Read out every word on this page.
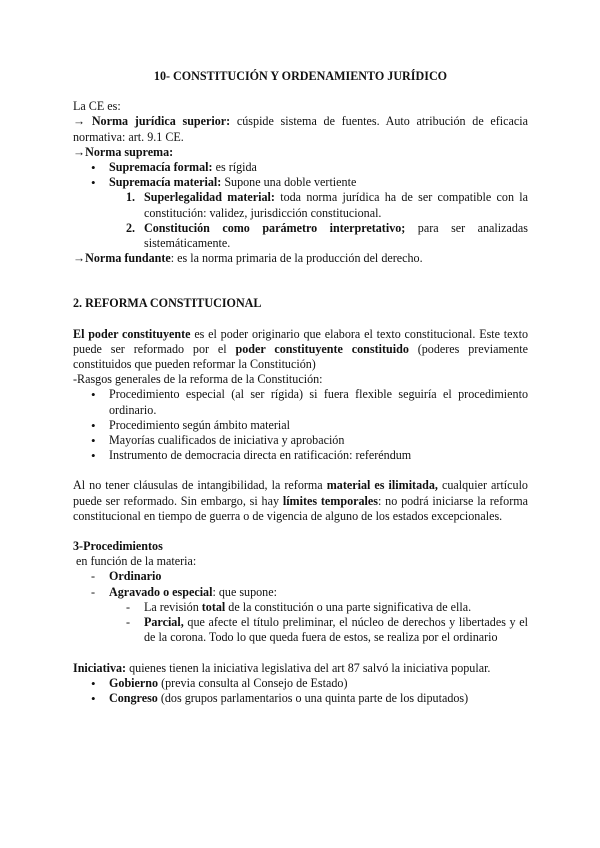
10- CONSTITUCIÓN Y ORDENAMIENTO JURÍDICO

La CE es:

→ Norma jurídica superior: cúspide sistema de fuentes. Auto atribución de eficacia normativa: art. 9.1 CE.

→Norma suprema:

• Supremacía formal: es rígida
• Supremacía material: Supone una doble vertiente
1. Superlegalidad material: toda norma jurídica ha de ser compatible con la constitución: validez, jurisdicción constitucional.
2. Constitución como parámetro interpretativo; para ser analizadas sistemáticamente.

→Norma fundante: es la norma primaria de la producción del derecho.

2. REFORMA CONSTITUCIONAL

El poder constituyente es el poder originario que elabora el texto constitucional. Este texto puede ser reformado por el poder constituyente constituido (poderes previamente constituidos que pueden reformar la Constitución)

-Rasgos generales de la reforma de la Constitución:

• Procedimiento especial (al ser rígida) si fuera flexible seguiría el procedimiento ordinario.
• Procedimiento según ámbito material
• Mayorías cualificados de iniciativa y aprobación
• Instrumento de democracia directa en ratificación: referéndum

Al no tener cláusulas de intangibilidad, la reforma material es ilimitada, cualquier artículo puede ser reformado. Sin embargo, si hay límites temporales: no podrá iniciarse la reforma constitucional en tiempo de guerra o de vigencia de alguno de los estados excepcionales.

3-Procedimientos

en función de la materia:

- Ordinario
- Agravado o especial: que supone:
- La revisión total de la constitución o una parte significativa de ella.
- Parcial, que afecte el título preliminar, el núcleo de derechos y libertades y el de la corona. Todo lo que queda fuera de estos, se realiza por el ordinario

Iniciativa: quienes tienen la iniciativa legislativa del art 87 salvó la iniciativa popular.

• Gobierno (previa consulta al Consejo de Estado)
• Congreso (dos grupos parlamentarios o una quinta parte de los diputados)
